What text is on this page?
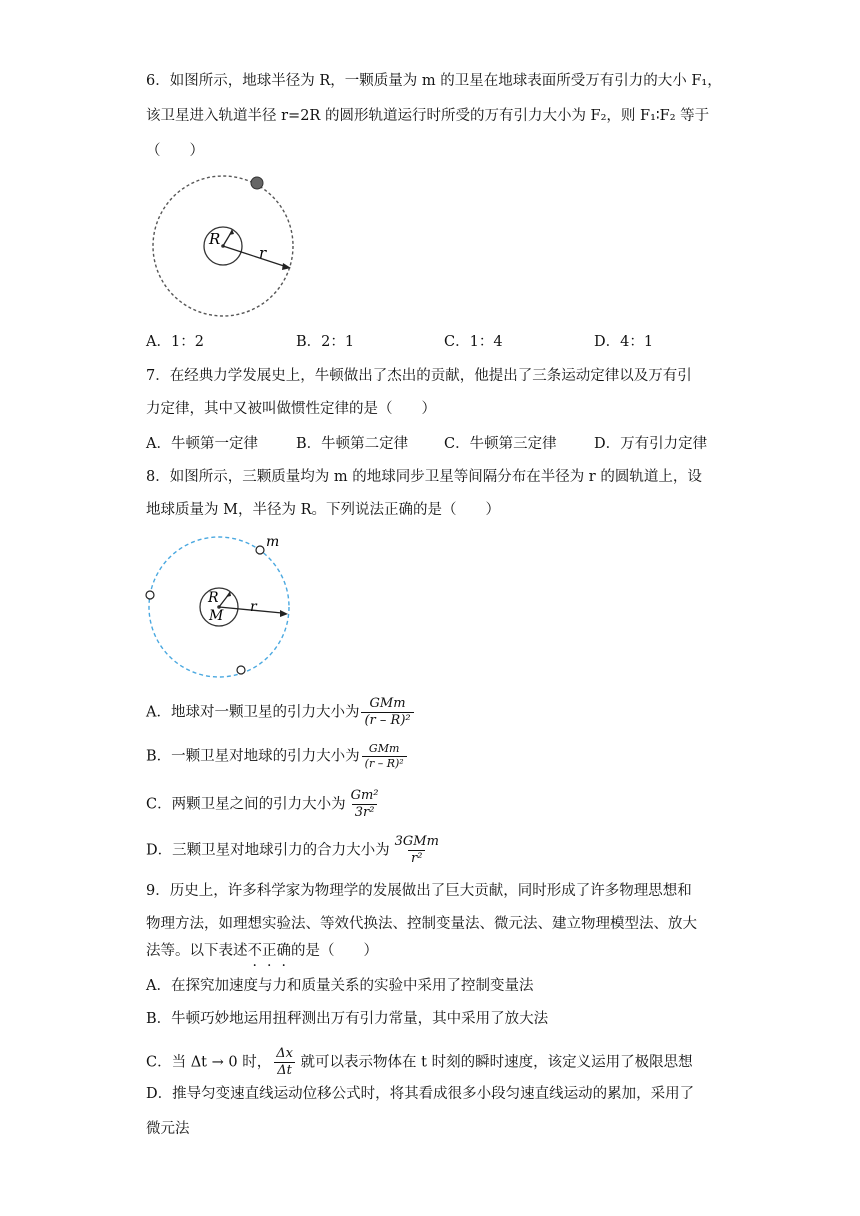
6．如图所示，地球半径为 R，一颗质量为 m 的卫星在地球表面所受万有引力的大小 F₁，
该卫星进入轨道半径 r=2R 的圆形轨道运行时所受的万有引力大小为 F₂，则 F₁∶F₂ 等于
（　　）
R
r
A．1：2	B．2：1	C．1：4	D．4：1
7．在经典力学发展史上，牛顿做出了杰出的贡献，他提出了三条运动定律以及万有引
力定律，其中又被叫做惯性定律的是（　　）
A．牛顿第一定律	B．牛顿第二定律 C．牛顿第三定律	D．万有引力定律
8．如图所示，三颗质量均为 m 的地球同步卫星等间隔分布在半径为 r 的圆轨道上，设
地球质量为 M，半径为 R。下列说法正确的是（　　）
m
R
M
r
A．地球对一颗卫星的引力大小为 $\frac{\text{GMm}}{\text{(r – R)²}}$
B．一颗卫星对地球的引力大小为 $\frac{\text{GMm}}{\text{(r – R)²}}$
C．两颗卫星之间的引力大小为 $\frac{\text{Gm²}}{\text{3r²}}$
D．三颗卫星对地球引力的合力大小为 $\frac{\text{3GMm}}{\text{r²}}$
9．历史上，许多科学家为物理学的发展做出了巨大贡献，同时形成了许多物理思想和
物理方法，如理想实验法、等效代换法、控制变量法、微元法、建立物理模型法、放大
法等。以下表述不正确的是（　　）
A．在探究加速度与力和质量关系的实验中采用了控制变量法
B．牛顿巧妙地运用扭秤测出万有引力常量，其中采用了放大法
C．当 Δt → 0 时， $\frac{\Delta x}{\Delta t}$ 就可以表示物体在 t 时刻的瞬时速度，该定义运用了极限思想
D．推导匀变速直线运动位移公式时，将其看成很多小段匀速直线运动的累加，采用了
微元法
